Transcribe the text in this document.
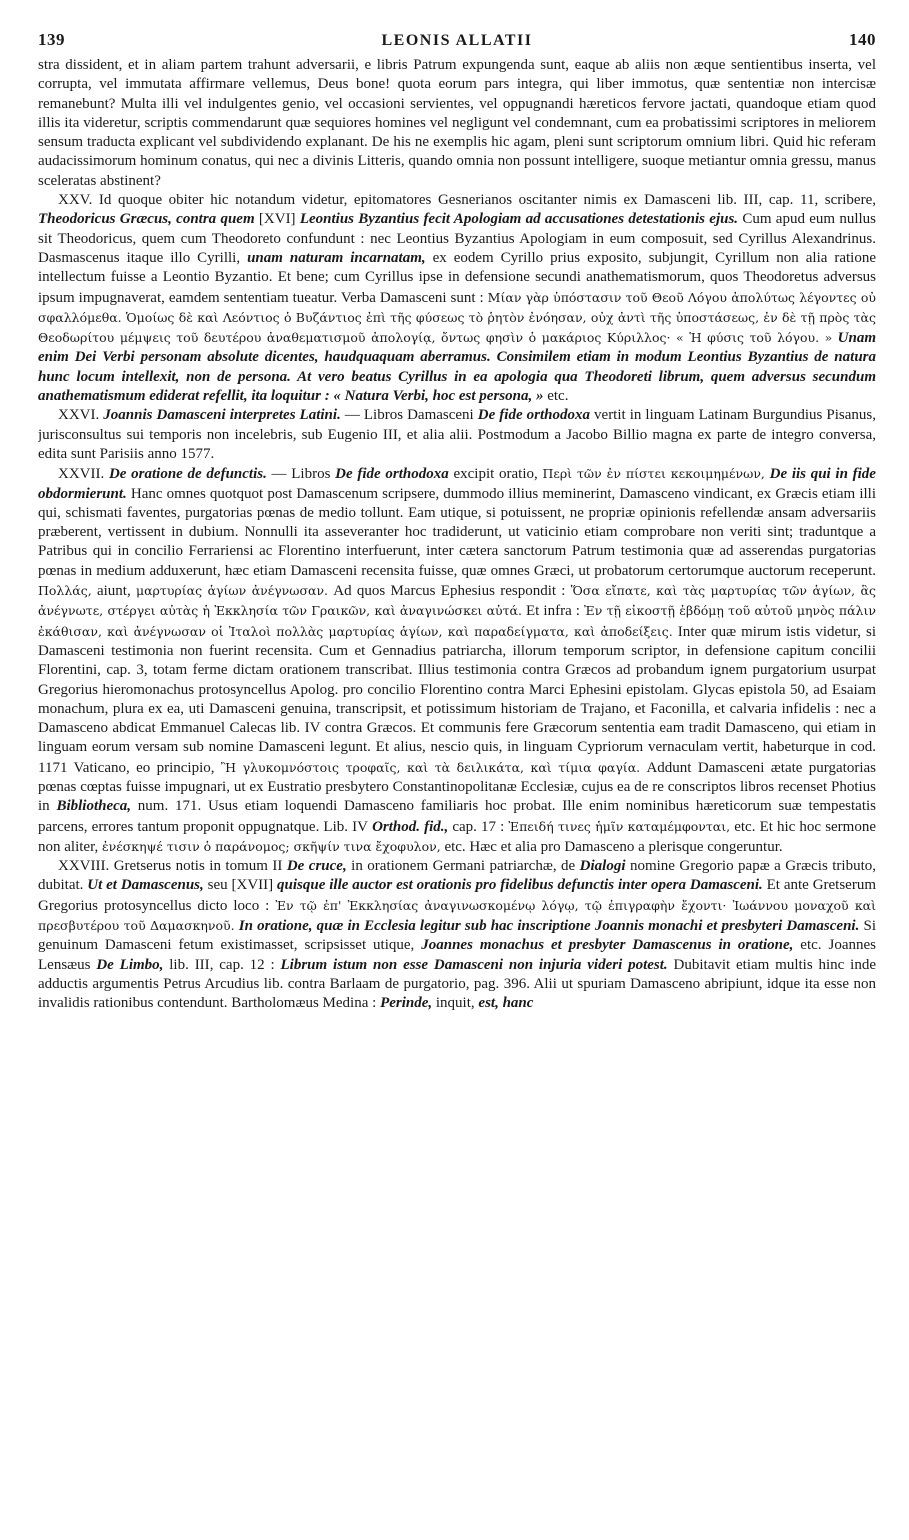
139	LEONIS ALLATII	140

stra dissident, et in aliam partem trahunt adversarii, e libris Patrum expungenda sunt, eaque ab aliis non æque sentientibus inserta, vel corrupta, vel immutata affirmare vellemus, Deus bone! quota eorum pars integra, qui liber immotus, quæ sententiæ non intercisæ remanebunt? Multa illi vel indulgentes genio, vel occasioni servientes, vel oppugnandi hæreticos fervore jactati, quandoque etiam quod illis ita videretur, scriptis commendarunt quæ sequiores homines vel negligunt vel condemnant, cum ea probatissimi scriptores in meliorem sensum traducta explicant vel subdividendo explanant. De his ne exemplis hic agam, pleni sunt scriptorum omnium libri. Quid hic referam audacissimorum hominum conatus, qui nec a divinis Litteris, quando omnia non possunt intelligere, suoque metiantur omnia gressu, manus sceleratas abstinent?

XXV. Id quoque obiter hic notandum videtur, epitomatores Gesnerianos oscitanter nimis ex Damasceni lib. III, cap. 11, scribere, Theodoricus Græcus, contra quem [XVI] Leontius Byzantius fecit Apologiam ad accusationes detestationis ejus. Cum apud eum nullus sit Theodoricus, quem cum Theodoreto confundunt : nec Leontius Byzantius Apologiam in eum composuit, sed Cyrillus Alexandrinus. Dasmascenus itaque illo Cyrilli, unam naturam incarnatam, ex eodem Cyrillo prius exposito, subjungit, Cyrillum non alia ratione intellectum fuisse a Leontio Byzantio. Et bene; cum Cyrillus ipse in defensione secundi anathematismorum, quos Theodoretus adversus ipsum impugnaverat, eamdem sententiam tueatur. Verba Damasceni sunt : Μίαν γὰρ ὑπόστασιν τοῦ Θεοῦ Λόγου ἀπολύτως λέγοντες οὐ σφαλλόμεθα. Ὁμοίως δὲ καὶ Λεόντιος ὁ Βυζάντιος ἐπὶ τῆς φύσεως τὸ ῥητὸν ἐνόησαν, οὐχ ἀντὶ τῆς ὑποστάσεως, ἐν δὲ τῇ πρὸς τὰς Θεοδωρίτου μέμψεις τοῦ δευτέρου ἀναθεματισμοῦ ἀπολογίᾳ, ὄντως φησὶν ὁ μακάριος Κύριλλος· « Ἡ φύσις τοῦ λόγου. » Unam enim Dei Verbi personam absolute dicentes, haudquaquam aberramus. Consimilem etiam in modum Leontius Byzantius de natura hunc locum intellexit, non de persona. At vero beatus Cyrillus in ea apologia qua Theodoreti librum, quem adversus secundum anathematismum ediderat refellit, ita loquitur : « Natura Verbi, hoc est persona, » etc.

XXVI. Joannis Damasceni interpretes Latini. — Libros Damasceni De fide orthodoxa vertit in linguam Latinam Burgundius Pisanus, jurisconsultus sui temporis non incelebris, sub Eugenio III, et alia alii. Postmodum a Jacobo Billio magna ex parte de integro conversa, edita sunt Parisiis anno 1577.

XXVII. De oratione de defunctis. — Libros De fide orthodoxa excipit oratio, Περὶ τῶν ἐν πίστει κεκοιμημένων, De iis qui in fide obdormierunt. Hanc omnes quotquot post Damascenum scripsere, dummodo illius meminerint, Damasceno vindicant, ex Græcis etiam illi qui, schismati faventes, purgatorias pœnas de medio tollunt. Eam utique, si potuissent, ne propriæ opinionis refellendæ ansam adversariis præberent, vertissent in dubium. Nonnulli ita asseveranter hoc tradiderunt, ut vaticinio etiam comprobare non veriti sint; traduntque a Patribus qui in concilio Ferrariensi ac Florentino interfuerunt, inter cætera sanctorum Patrum testimonia quæ ad asserendas purgatorias pœnas in medium adduxerunt, hæc etiam Damasceni recensita fuisse, quæ omnes Græci, ut probatorum certorumque auctorum receperunt. Πολλάς, aiunt, μαρτυρίας ἁγίων ἀνέγνωσαν. Ad quos Marcus Ephesius respondit : Ὅσα εἴπατε, καὶ τὰς μαρτυρίας τῶν ἁγίων, ἃς ἀνέγνωτε, στέργει αὐτὰς ἡ Ἐκκλησία τῶν Γραικῶν, καὶ ἀναγινώσκει αὐτά. Et infra : Ἐν τῇ εἰκοστῇ ἑβδόμῃ τοῦ αὐτοῦ μηνὸς πάλιν ἐκάθισαν, καὶ ἀνέγνωσαν οἱ Ἰταλοὶ πολλὰς μαρτυρίας ἁγίων, καὶ παραδείγματα, καὶ ἀποδείξεις. Inter quæ mirum istis videtur, si Damasceni testimonia non fuerint recensita. Cum et Gennadius patriarcha, illorum temporum scriptor, in defensione capitum concilii Florentini, cap. 3, totam ferme dictam orationem transcribat. Illius testimonia contra Græcos ad probandum ignem purgatorium usurpat Gregorius hieromonachus protosyncellus Apolog. pro concilio Florentino contra Marci Ephesini epistolam. Glycas epistola 50, ad Esaiam monachum, plura ex ea, uti Damasceni genuina, transcripsit, et potissimum historiam de Trajano, et Faconilla, et calvaria infidelis : nec a Damasceno abdicat Emmanuel Calecas lib. IV contra Græcos. Et communis fere Græcorum sententia eam tradit Damasceno, qui etiam in linguam eorum versam sub nomine Damasceni legunt. Et alius, nescio quis, in linguam Cypriorum vernaculam vertit, habeturque in cod. 1171 Vaticano, eo principio, Ἢ γλυκομνόστοις τροφαῖς, καὶ τὰ δειλικάτα, καὶ τίμια φαγία. Addunt Damasceni ætate purgatorias pœnas cœptas fuisse impugnari, ut ex Eustratio presbytero Constantinopolitanæ Ecclesiæ, cujus ea de re conscriptos libros recenset Photius in Bibliotheca, num. 171. Usus etiam loquendi Damasceno familiaris hoc probat. Ille enim nominibus hæreticorum suæ tempestatis parcens, errores tantum proponit oppugnatque. Lib. IV Orthod. fid., cap. 17 : Ἐπειδή τινες ἡμῖν καταμέμφονται, etc. Et hic hoc sermone non aliter, ἐνέσκηψέ τισιν ὁ παράνομος; σκῆψίν τινα ἔχοφυλον, etc. Hæc et alia pro Damasceno a plerisque congeruntur.

XXVIII. Gretserus notis in tomum II De cruce, in orationem Germani patriarchæ, de Dialogi nomine Gregorio papæ a Græcis tributo, dubitat. Ut et Damascenus, seu [XVII] quisque ille auctor est orationis pro fidelibus defunctis inter opera Damasceni. Et ante Gretserum Gregorius protosyncellus dicto loco : Ἐν τῷ ἐπ' Ἐκκλησίας ἀναγινωσκομένῳ λόγῳ, τῷ ἐπιγραφὴν ἔχοντι· Ἰωάννου μοναχοῦ καὶ πρεσβυτέρου τοῦ Δαμασκηνοῦ. In oratione, quæ in Ecclesia legitur sub hac inscriptione Joannis monachi et presbyteri Damasceni. Si genuinum Damasceni fetum existimasset, scripsisset utique, Joannes monachus et presbyter Damascenus in oratione, etc. Joannes Lensæus De Limbo, lib. III, cap. 12 : Librum istum non esse Damasceni non injuria videri potest. Dubitavit etiam multis hinc inde adductis argumentis Petrus Arcudius lib. contra Barlaam de purgatorio, pag. 396. Alii ut spuriam Damasceno abripiunt, idque ita esse non invalidis rationibus contendunt. Bartholomæus Medina : Perinde, inquit, est, hanc
